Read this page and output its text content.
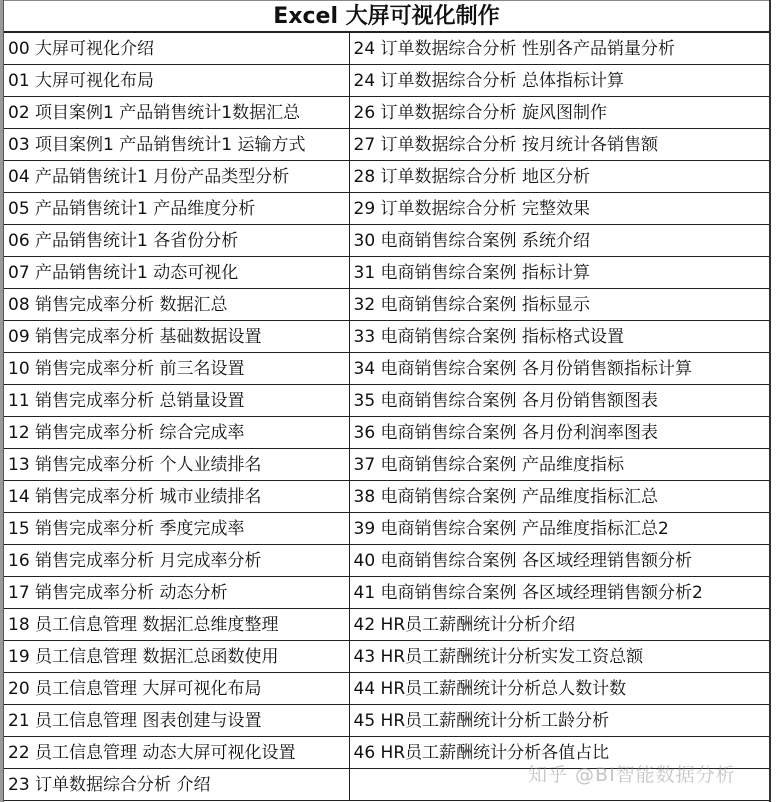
Excel 大屏可视化制作
00 大屏可视化介绍	24 订单数据综合分析 性别各产品销量分析
01 大屏可视化布局	24 订单数据综合分析 总体指标计算
02 项目案例1 产品销售统计1数据汇总	26 订单数据综合分析 旋风图制作
03 项目案例1 产品销售统计1 运输方式	27 订单数据综合分析 按月统计各销售额
04 产品销售统计1 月份产品类型分析	28 订单数据综合分析 地区分析
05 产品销售统计1 产品维度分析	29 订单数据综合分析 完整效果
06 产品销售统计1 各省份分析	30 电商销售综合案例 系统介绍
07 产品销售统计1 动态可视化	31 电商销售综合案例 指标计算
08 销售完成率分析 数据汇总	32 电商销售综合案例 指标显示
09 销售完成率分析 基础数据设置	33 电商销售综合案例 指标格式设置
10 销售完成率分析 前三名设置	34 电商销售综合案例 各月份销售额指标计算
11 销售完成率分析 总销量设置	35 电商销售综合案例 各月份销售额图表
12 销售完成率分析 综合完成率	36 电商销售综合案例 各月份利润率图表
13 销售完成率分析 个人业绩排名	37 电商销售综合案例 产品维度指标
14 销售完成率分析 城市业绩排名	38 电商销售综合案例 产品维度指标汇总
15 销售完成率分析 季度完成率	39 电商销售综合案例 产品维度指标汇总2
16 销售完成率分析 月完成率分析	40 电商销售综合案例 各区域经理销售额分析
17 销售完成率分析 动态分析	41 电商销售综合案例 各区域经理销售额分析2
18 员工信息管理 数据汇总维度整理	42 HR员工薪酬统计分析介绍
19 员工信息管理 数据汇总函数使用	43 HR员工薪酬统计分析实发工资总额
20 员工信息管理 大屏可视化布局	44 HR员工薪酬统计分析总人数计数
21 员工信息管理 图表创建与设置	45 HR员工薪酬统计分析工龄分析
22 员工信息管理 动态大屏可视化设置	46 HR员工薪酬统计分析各值占比
23 订单数据综合分析 介绍		知乎 @BI智能数据分析
